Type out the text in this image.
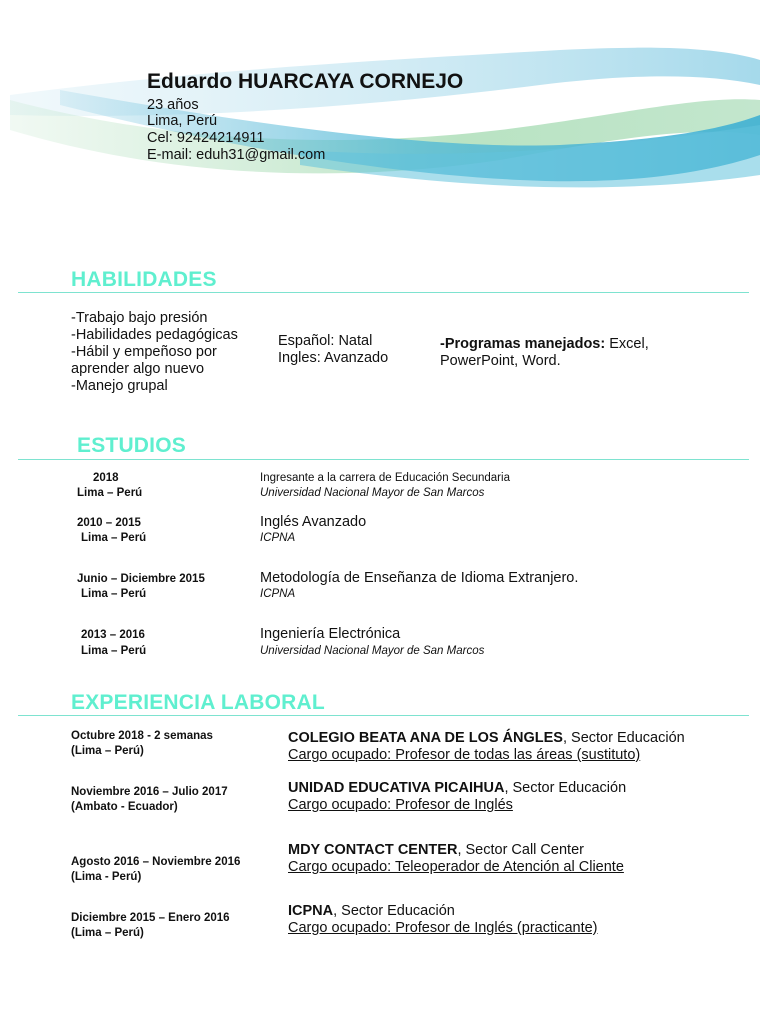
Eduardo HUARCAYA CORNEJO
23 años
Lima, Perú
Cel: 92424214911
E-mail: eduh31@gmail.com
HABILIDADES
-Trabajo bajo presión
-Habilidades pedagógicas
-Hábil y empeñoso por
aprender algo nuevo
-Manejo grupal
Español: Natal
Ingles: Avanzado
-Programas manejados: Excel,
PowerPoint, Word.
ESTUDIOS
2018
Lima – Perú
Ingresante a la carrera de Educación Secundaria
Universidad Nacional Mayor de San Marcos
2010 – 2015
Lima – Perú
Inglés Avanzado
ICPNA
Junio – Diciembre 2015
Lima – Perú
Metodología de Enseñanza de Idioma Extranjero.
ICPNA
2013 – 2016
Lima – Perú
Ingeniería Electrónica
Universidad Nacional Mayor de San Marcos
EXPERIENCIA LABORAL
Octubre 2018 - 2 semanas
(Lima – Perú)
COLEGIO BEATA ANA DE LOS ÁNGLES, Sector Educación
Cargo ocupado: Profesor de todas las áreas (sustituto)
Noviembre 2016 – Julio 2017
(Ambato - Ecuador)
UNIDAD EDUCATIVA PICAIHUA, Sector Educación
Cargo ocupado: Profesor de Inglés
Agosto 2016 – Noviembre 2016
(Lima - Perú)
MDY CONTACT CENTER, Sector Call Center
Cargo ocupado: Teleoperador de Atención al Cliente
Diciembre 2015 – Enero 2016
(Lima – Perú)
ICPNA, Sector Educación
Cargo ocupado: Profesor de Inglés (practicante)
